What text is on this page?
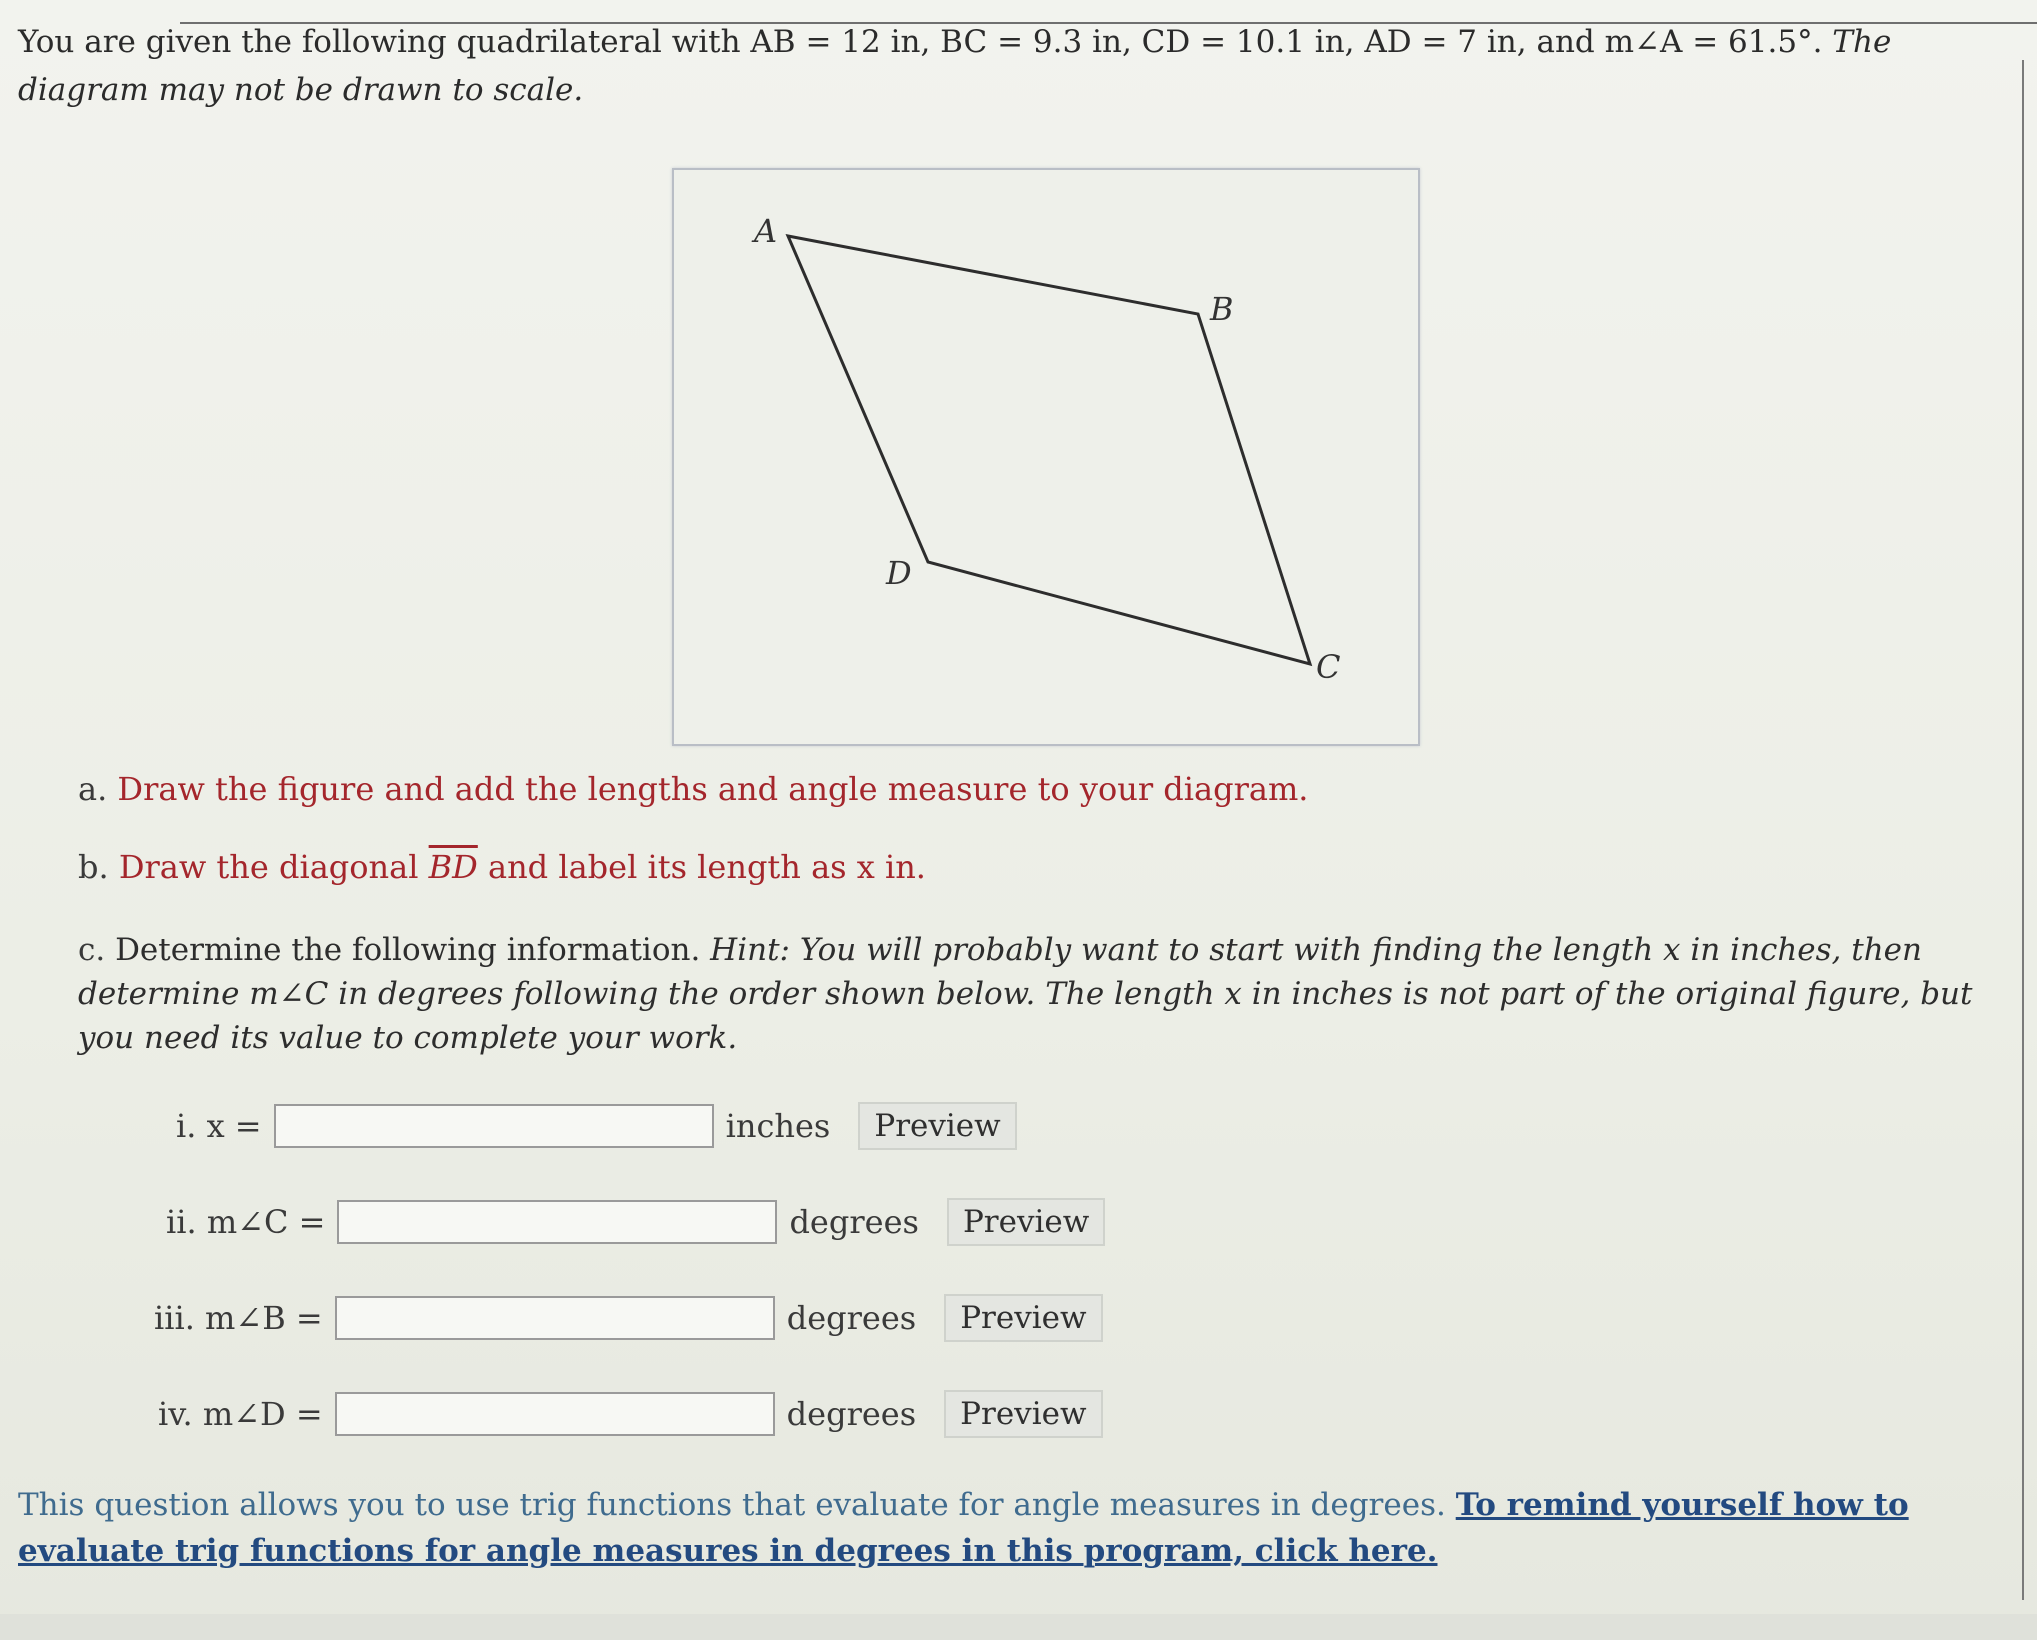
You are given the following quadrilateral with AB = 12 in, BC = 9.3 in, CD = 10.1 in, AD = 7 in, and m∠A = 61.5°. The diagram may not be drawn to scale.
A
B
C
D
a. Draw the figure and add the lengths and angle measure to your diagram.
b. Draw the diagonal $\overline{BD}$ and label its length as x in.
c. Determine the following information. Hint: You will probably want to start with finding the length x in inches, then determine m∠C in degrees following the order shown below. The length x in inches is not part of the original figure, but you need its value to complete your work.
i. x =	inches	Preview
ii. m∠C =	degrees	Preview
iii. m∠B =	degrees	Preview
iv. m∠D =	degrees	Preview
This question allows you to use trig functions that evaluate for angle measures in degrees. To remind yourself how to evaluate trig functions for angle measures in degrees in this program, click here.
